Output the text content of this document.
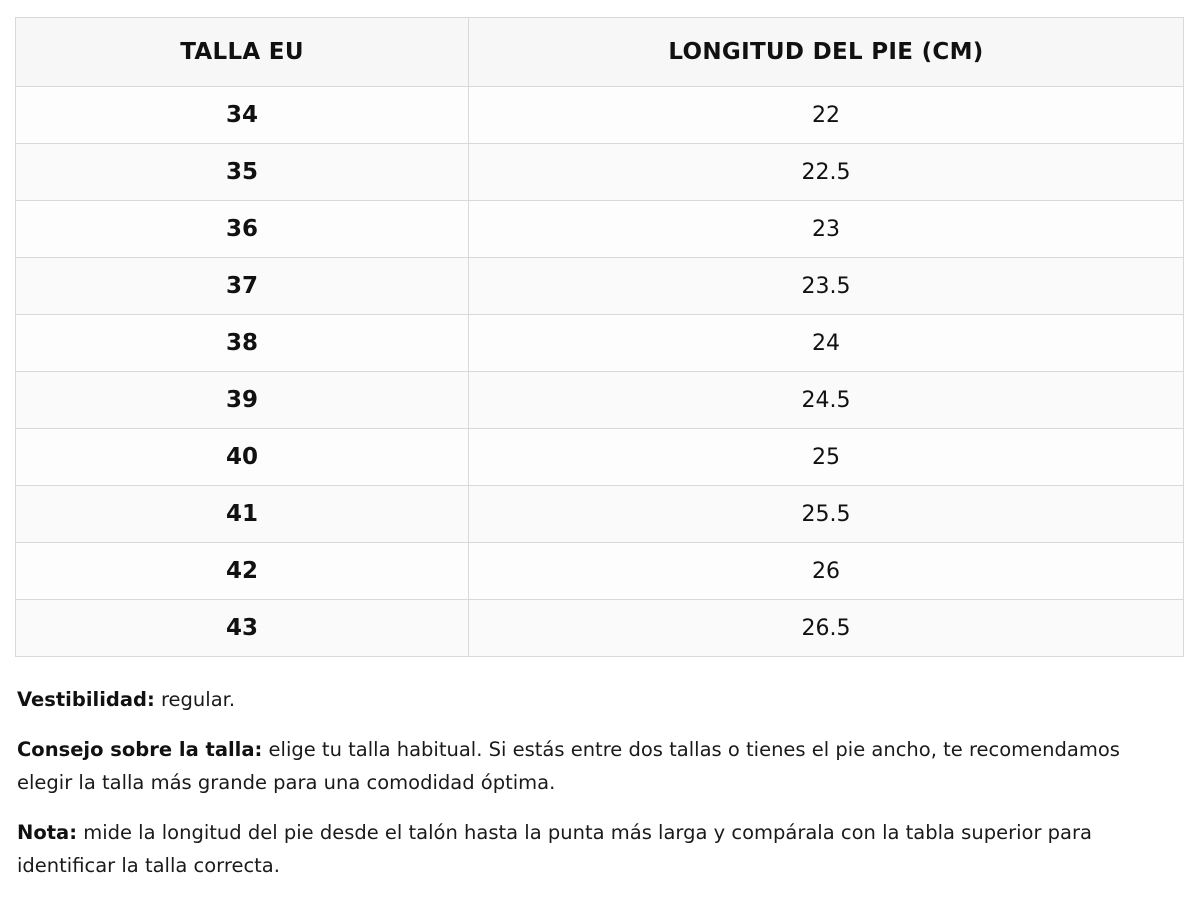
TALLA EU	LONGITUD DEL PIE (CM)
34	22
35	22.5
36	23
37	23.5
38	24
39	24.5
40	25
41	25.5
42	26
43	26.5

Vestibilidad: regular.

Consejo sobre la talla: elige tu talla habitual. Si estás entre dos tallas o tienes el pie ancho, te recomendamos elegir la talla más grande para una comodidad óptima.

Nota: mide la longitud del pie desde el talón hasta la punta más larga y compárala con la tabla superior para identificar la talla correcta.
